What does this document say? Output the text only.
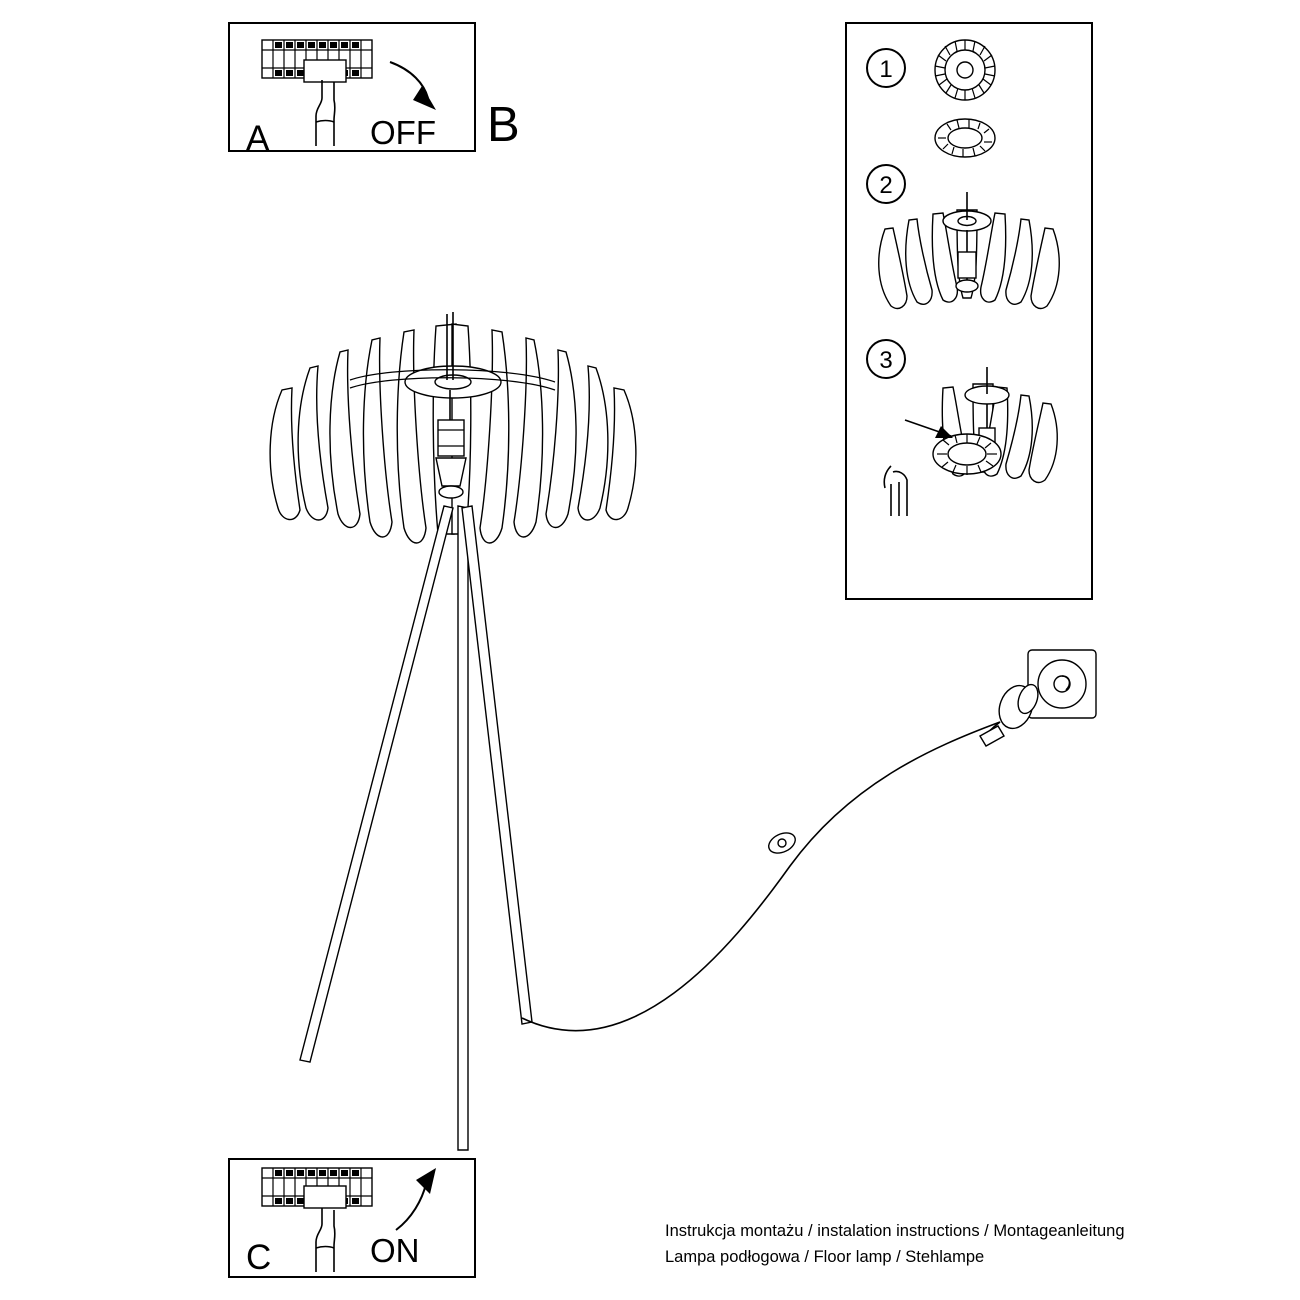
A	OFF
C	ON
1
2
3
B
Instrukcja montażu / instalation instructions / Montageanleitung
Lampa podłogowa / Floor lamp / Stehlampe
